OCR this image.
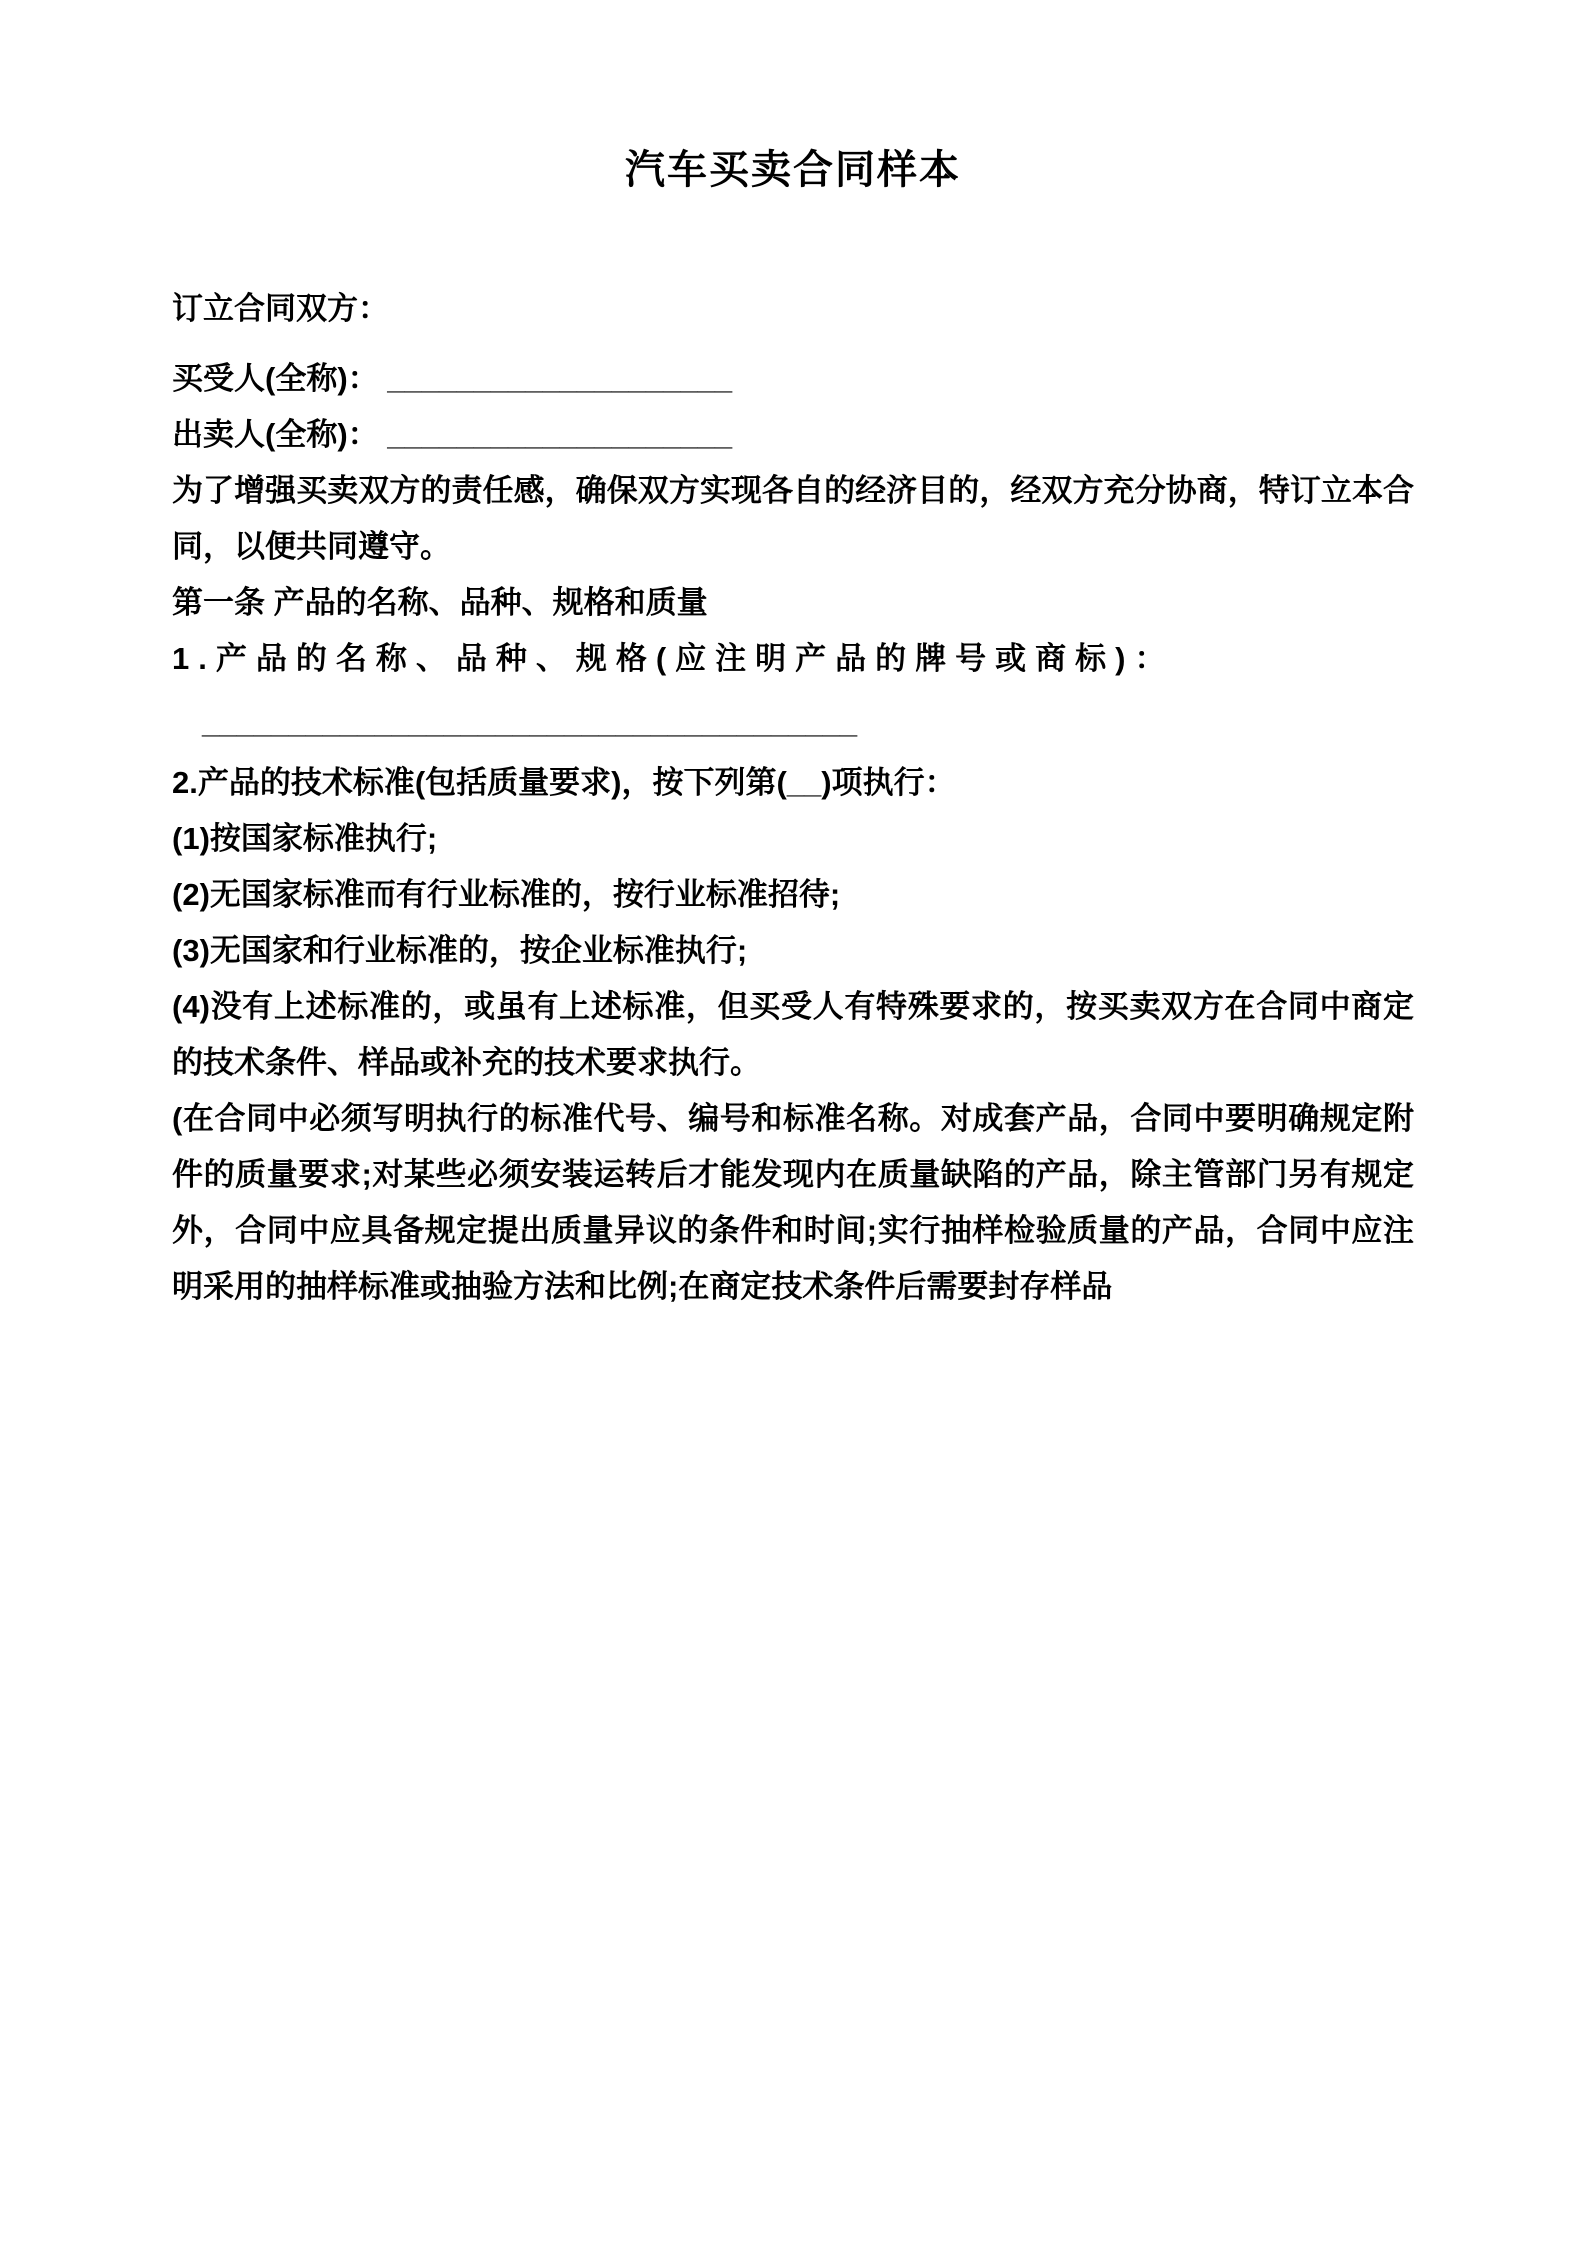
汽车买卖合同样本

订立合同双方：

买受人(全称)： ____________________

出卖人(全称)： ____________________

为了增强买卖双方的责任感，确保双方实现各自的经济目的，经双方充分协商，特订立本合同，以便共同遵守。

第一条 产品的名称、品种、规格和质量

1.产品的名称、品种、规格(应注明产品的牌号或商标)：

______________________________________

2.产品的技术标准(包括质量要求)，按下列第(__)项执行：

(1)按国家标准执行;

(2)无国家标准而有行业标准的，按行业标准招待;

(3)无国家和行业标准的，按企业标准执行;

(4)没有上述标准的，或虽有上述标准，但买受人有特殊要求的，按买卖双方在合同中商定的技术条件、样品或补充的技术要求执行。

(在合同中必须写明执行的标准代号、编号和标准名称。对成套产品，合同中要明确规定附件的质量要求;对某些必须安装运转后才能发现内在质量缺陷的产品，除主管部门另有规定外，合同中应具备规定提出质量异议的条件和时间;实行抽样检验质量的产品，合同中应注明采用的抽样标准或抽验方法和比例;在商定技术条件后需要封存样品
